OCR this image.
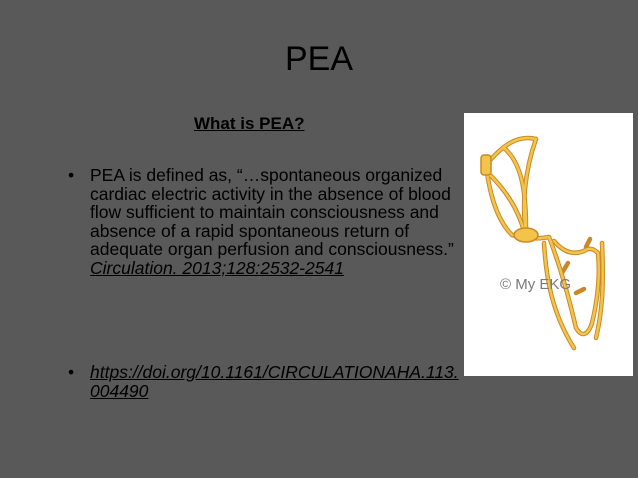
PEA
What is PEA?
• PEA is defined as, “…spontaneous organized cardiac electric activity in the absence of blood flow sufficient to maintain consciousness and absence of a rapid spontaneous return of adequate organ perfusion and consciousness.” Circulation. 2013;128:2532-2541
• https://doi.org/10.1161/CIRCULATIONAHA.113.004490
© My EKG
